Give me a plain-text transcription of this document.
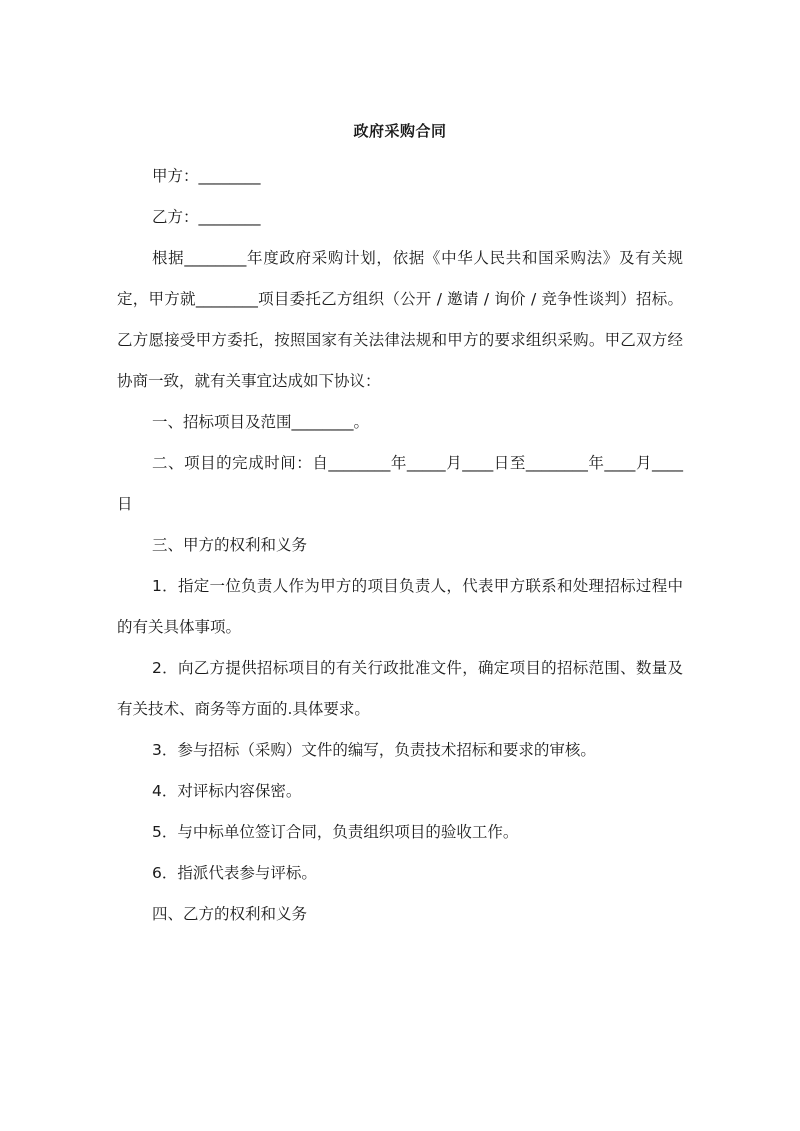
政府采购合同

甲方：________

乙方：________

根据________年度政府采购计划，依据《中华人民共和国采购法》及有关规定，甲方就________项目委托乙方组织（公开 / 邀请 / 询价 / 竞争性谈判）招标。乙方愿接受甲方委托，按照国家有关法律法规和甲方的要求组织采购。甲乙双方经协商一致，就有关事宜达成如下协议：

一、招标项目及范围________。

二、项目的完成时间：自________年_____月____日至________年____月____日

三、甲方的权利和义务

1．指定一位负责人作为甲方的项目负责人，代表甲方联系和处理招标过程中的有关具体事项。

2．向乙方提供招标项目的有关行政批准文件，确定项目的招标范围、数量及有关技术、商务等方面的.具体要求。

3．参与招标（采购）文件的编写，负责技术招标和要求的审核。

4．对评标内容保密。

5．与中标单位签订合同，负责组织项目的验收工作。

6．指派代表参与评标。

四、乙方的权利和义务
